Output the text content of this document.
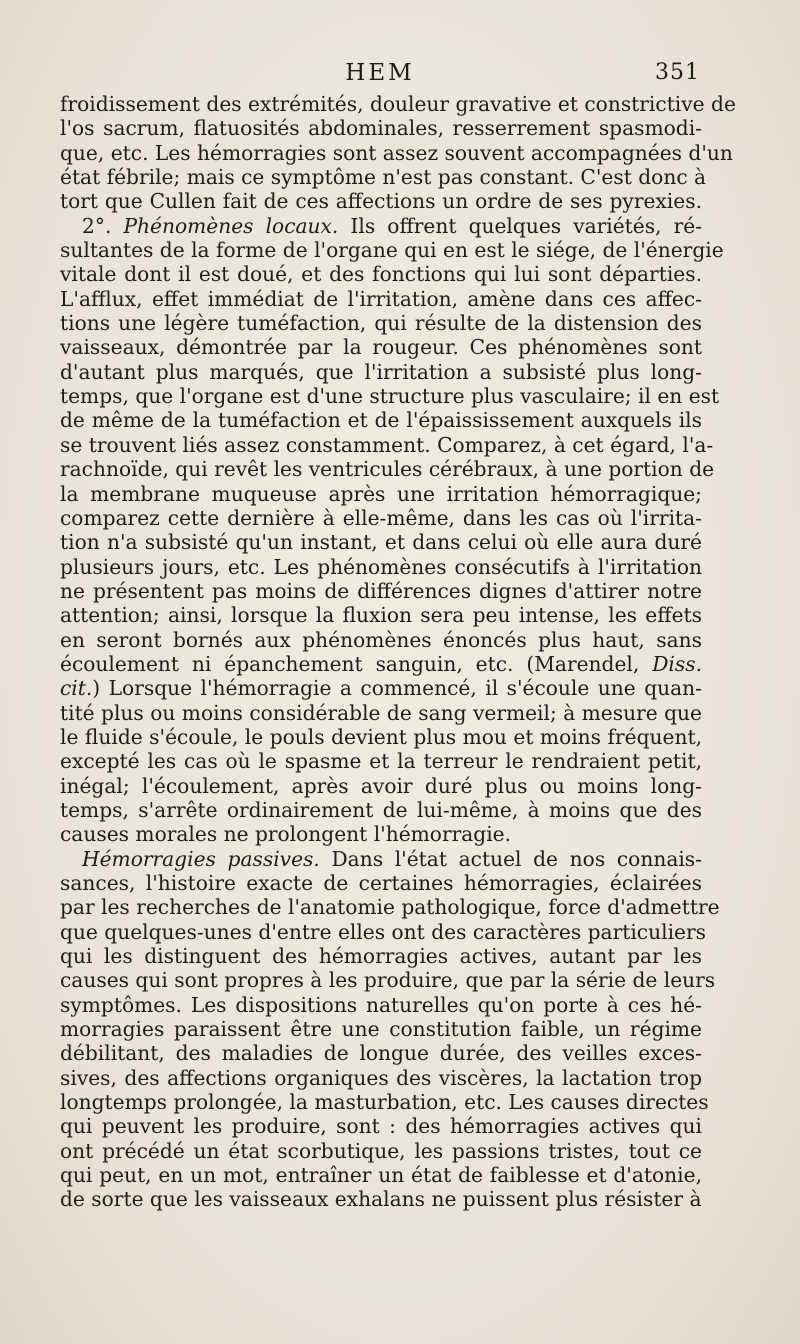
HEM	351
froidissement des extrémités, douleur gravative et constrictive de
l'os sacrum, flatuosités abdominales, resserrement spasmodi-
que, etc. Les hémorragies sont assez souvent accompagnées d'un
état fébrile; mais ce symptôme n'est pas constant. C'est donc à
tort que Cullen fait de ces affections un ordre de ses pyrexies.
2°. Phénomènes locaux. Ils offrent quelques variétés, ré-
sultantes de la forme de l'organe qui en est le siége, de l'énergie
vitale dont il est doué, et des fonctions qui lui sont départies.
L'afflux, effet immédiat de l'irritation, amène dans ces affec-
tions une légère tuméfaction, qui résulte de la distension des
vaisseaux, démontrée par la rougeur. Ces phénomènes sont
d'autant plus marqués, que l'irritation a subsisté plus long-
temps, que l'organe est d'une structure plus vasculaire; il en est
de même de la tuméfaction et de l'épaississement auxquels ils
se trouvent liés assez constamment. Comparez, à cet égard, l'a-
rachnoïde, qui revêt les ventricules cérébraux, à une portion de
la membrane muqueuse après une irritation hémorragique;
comparez cette dernière à elle-même, dans les cas où l'irrita-
tion n'a subsisté qu'un instant, et dans celui où elle aura duré
plusieurs jours, etc. Les phénomènes consécutifs à l'irritation
ne présentent pas moins de différences dignes d'attirer notre
attention; ainsi, lorsque la fluxion sera peu intense, les effets
en seront bornés aux phénomènes énoncés plus haut, sans
écoulement ni épanchement sanguin, etc. (Marendel, Diss.
cit.) Lorsque l'hémorragie a commencé, il s'écoule une quan-
tité plus ou moins considérable de sang vermeil; à mesure que
le fluide s'écoule, le pouls devient plus mou et moins fréquent,
excepté les cas où le spasme et la terreur le rendraient petit,
inégal; l'écoulement, après avoir duré plus ou moins long-
temps, s'arrête ordinairement de lui-même, à moins que des
causes morales ne prolongent l'hémorragie.
Hémorragies passives. Dans l'état actuel de nos connais-
sances, l'histoire exacte de certaines hémorragies, éclairées
par les recherches de l'anatomie pathologique, force d'admettre
que quelques-unes d'entre elles ont des caractères particuliers
qui les distinguent des hémorragies actives, autant par les
causes qui sont propres à les produire, que par la série de leurs
symptômes. Les dispositions naturelles qu'on porte à ces hé-
morragies paraissent être une constitution faible, un régime
débilitant, des maladies de longue durée, des veilles exces-
sives, des affections organiques des viscères, la lactation trop
longtemps prolongée, la masturbation, etc. Les causes directes
qui peuvent les produire, sont : des hémorragies actives qui
ont précédé un état scorbutique, les passions tristes, tout ce
qui peut, en un mot, entraîner un état de faiblesse et d'atonie,
de sorte que les vaisseaux exhalans ne puissent plus résister à
